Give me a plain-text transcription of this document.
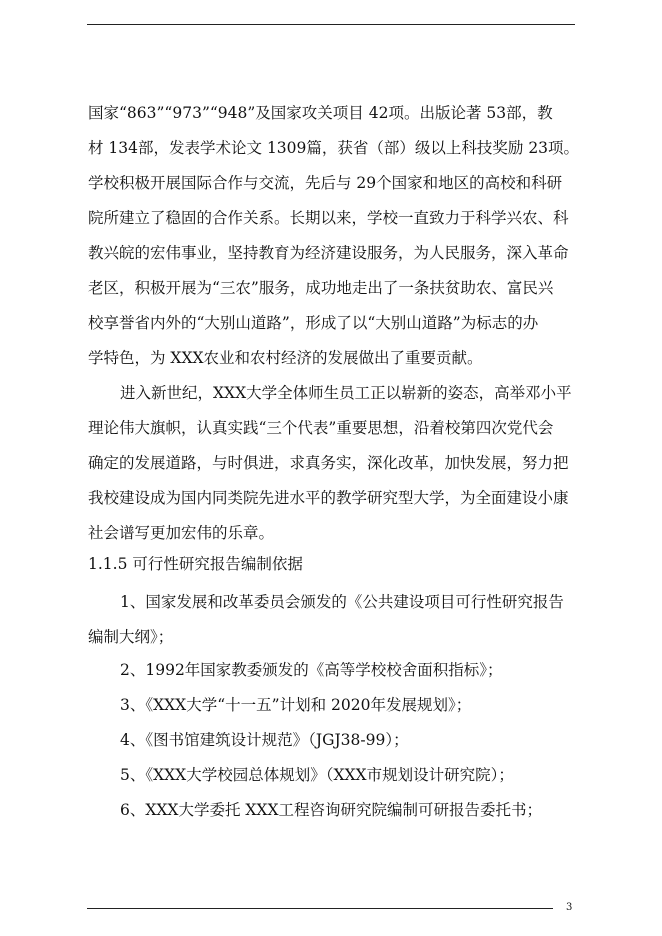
国家“863”“973”“948”及国家攻关项目 42项。出版论著 53部，教
材 134部，发表学术论文 1309篇，获省（部）级以上科技奖励 23项。
学校积极开展国际合作与交流，先后与 29个国家和地区的高校和科研
院所建立了稳固的合作关系。长期以来，学校一直致力于科学兴农、科
教兴皖的宏伟事业，坚持教育为经济建设服务，为人民服务，深入革命
老区，积极开展为“三农”服务，成功地走出了一条扶贫助农、富民兴
校享誉省内外的“大别山道路”，形成了以“大别山道路”为标志的办
学特色，为 XXX农业和农村经济的发展做出了重要贡献。
进入新世纪，XXX大学全体师生员工正以崭新的姿态，高举邓小平
理论伟大旗帜，认真实践“三个代表”重要思想，沿着校第四次党代会
确定的发展道路，与时俱进，求真务实，深化改革，加快发展，努力把
我校建设成为国内同类院先进水平的教学研究型大学，为全面建设小康
社会谱写更加宏伟的乐章。
1.1.5 可行性研究报告编制依据
1、国家发展和改革委员会颁发的《公共建设项目可行性研究报告
编制大纲》；
2、1992年国家教委颁发的《高等学校校舍面积指标》；
3、《XXX大学“十一五”计划和 2020年发展规划》；
4、《图书馆建筑设计规范》（JGJ38-99）；
5、《XXX大学校园总体规划》（XXX市规划设计研究院）；
6、XXX大学委托 XXX工程咨询研究院编制可研报告委托书；
3
